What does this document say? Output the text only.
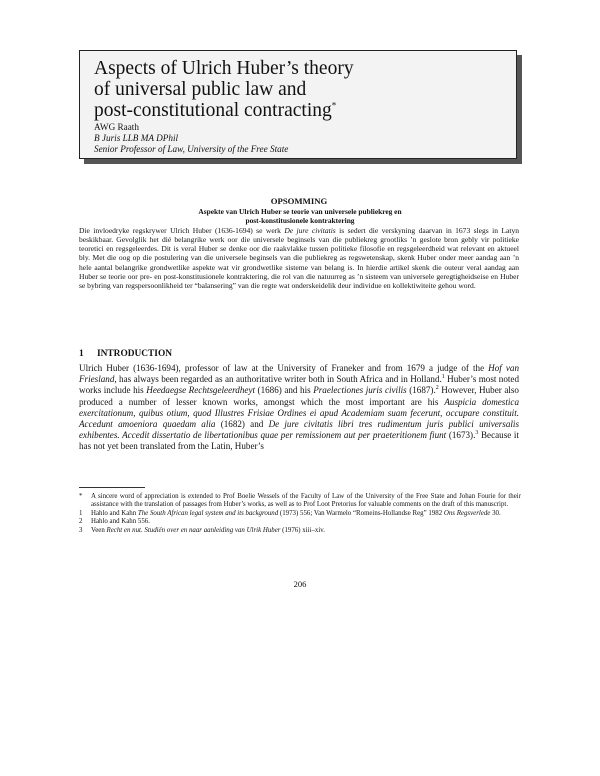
Aspects of Ulrich Huber’s theory
of universal public law and
post-constitutional contracting*
AWG Raath
B Juris LLB MA DPhil
Senior Professor of Law, University of the Free State
OPSOMMING
Aspekte van Ulrich Huber se teorie van universele publiekreg en
post-konstitusionele kontraktering

Die invloedryke regskrywer Ulrich Huber (1636-1694) se werk De jure civitatis is sedert die verskyning daarvan in 1673 slegs in Latyn beskikbaar. Gevolglik het dié belangrike werk oor die universele beginsels van die publiekreg grootliks ’n geslote bron gebly vir politieke teoretici en regsgeleerdes. Dit is veral Huber se denke oor die raakvlakke tussen politieke filosofie en regsgeleerdheid wat relevant en aktueel bly. Met die oog op die postulering van die universele beginsels van die publiekreg as regswetenskap, skenk Huber onder meer aandag aan ’n hele aantal belangrike grondwetlike aspekte wat vir grondwetlike sisteme van belang is. In hierdie artikel skenk die outeur veral aandag aan Huber se teorie oor pre- en post-konstitusionele kontraktering, die rol van die natuurreg as ’n sisteem van universele geregtigheidseise en Huber se bybring van regspersoonlikheid ter “balansering” van die regte wat onderskeidelik deur individue en kollektiwiteite gehou word.

1 INTRODUCTION

Ulrich Huber (1636-1694), professor of law at the University of Franeker and from 1679 a judge of the Hof van Friesland, has always been regarded as an authoritative writer both in South Africa and in Holland.$^1$ Huber’s most noted works include his Heedaegse Rechtsgeleerdheyt (1686) and his Praelectiones juris civilis (1687).$^2$ However, Huber also produced a number of lesser known works, amongst which the most important are his Auspicia domestica exercitationum, quibus otium, quod Illustres Frisiae Ordines ei apud Academiam suam fecerunt, occupare constituit. Accedunt amoeniora quaedam alia (1682) and De jure civitatis libri tres rudimentum juris publici universalis exhibentes. Accedit dissertatio de libertationibus quae per remissionem aut per praeteritionem fiunt (1673).$^3$ Because it has not yet been translated from the Latin, Huber’s

*	A sincere word of appreciation is extended to Prof Boelie Wessels of the Faculty of Law of the University of the Free State and Johan Fourie for their assistance with the translation of passages from Huber’s works, as well as to Prof Loot Pretorius for valuable comments on the draft of this manuscript.
1	Hahlo and Kahn The South African legal system and its background (1973) 556; Van Warmelo “Romeins-Hollandse Reg” 1982 Ons Regsverlede 30.
2	Hahlo and Kahn 556.
3	Veen Recht en nut. Studiën over en naar aanleiding van Ulrik Huber (1976) xiii–xiv.
206
